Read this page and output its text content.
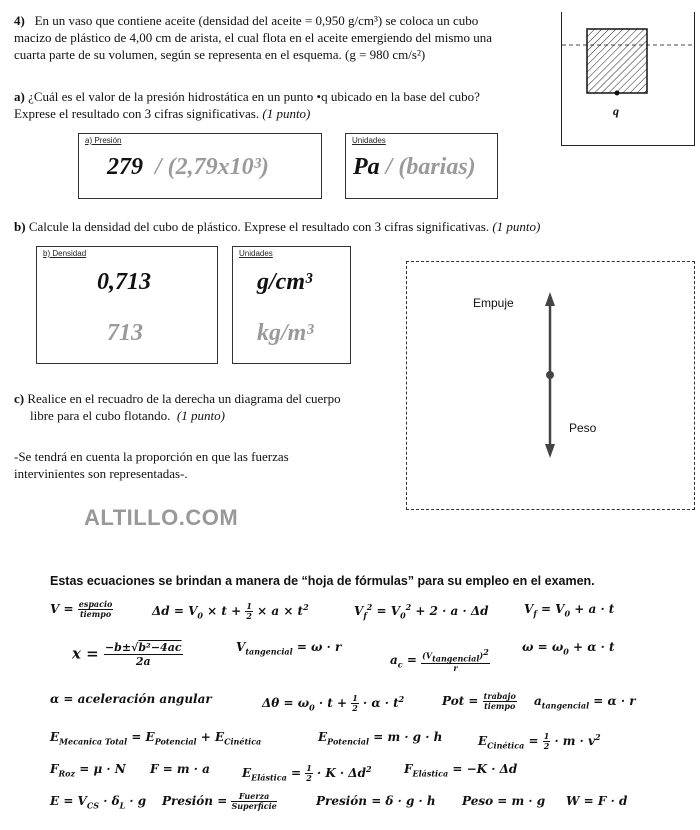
4) En un vaso que contiene aceite (densidad del aceite = 0,950 g/cm³) se coloca un cubo
macizo de plástico de 4,00 cm de arista, el cual flota en el aceite emergiendo del mismo una
cuarta parte de su volumen, según se representa en el esquema. (g = 980 cm/s²)
q
a) ¿Cuál es el valor de la presión hidrostática en un punto •q ubicado en la base del cubo?
Exprese el resultado con 3 cifras significativas. (1 punto)
a) Presión
279 / (2,79x10³)
Unidades
Pa / (barias)
b) Calcule la densidad del cubo de plástico. Exprese el resultado con 3 cifras significativas. (1 punto)
b) Densidad
0,713
713
Unidades
g/cm³
kg/m³
c) Realice en el recuadro de la derecha un diagrama del cuerpo
libre para el cubo flotando. (1 punto)
-Se tendrá en cuenta la proporción en que las fuerzas
intervinientes son representadas-.
Empuje
Peso
ALTILLO.COM
Estas ecuaciones se brindan a manera de “hoja de fórmulas” para su empleo en el examen.
$V = \frac{\text{espacio}}{\text{tiempo}}$	$\Delta d = V_0 \times t + \frac{1}{2} \times a \times t^2$	$V_f^2 = V_0^2 + 2 \cdot a \cdot \Delta d$	$V_f = V_0 + a \cdot t$
$x = \frac{\text{−b±√b²−4ac}}{2a}$	$V_{tangencial} = \omega \cdot r$
$a_c = \frac{(V_{tangencial})^2}{r}$
$\omega = \omega_0 + \alpha \cdot t$
α = aceleración angular	$\Delta\theta = \omega_0 \cdot t + \frac{1}{2} \cdot \alpha \cdot t^2$	Pot = $\frac{\text{trabajo}}{\text{tiempo}} a_{tangencial} = \alpha \cdot r$
$E_{Mecanica Total} = E_{Potencial} + E_{Cinética}$	$E_{Potencial} = m \cdot g \cdot h$	$E_{Cinética} = \frac{1}{2} \cdot m \cdot v^2$
$F_{Roz} = \mu \cdot N$ F = m · a	$E_{Elástica} = \frac{1}{2} \cdot K \cdot \Delta d^2$	$F_{Elástica} = -K \cdot \Delta d$
$E = V_{CS} \cdot \delta_L \cdot g$ Presión = $\frac{\text{Fuerza}}{\text{Superficie}}$	Presión = δ · g · h Peso = m · g W = F · d
